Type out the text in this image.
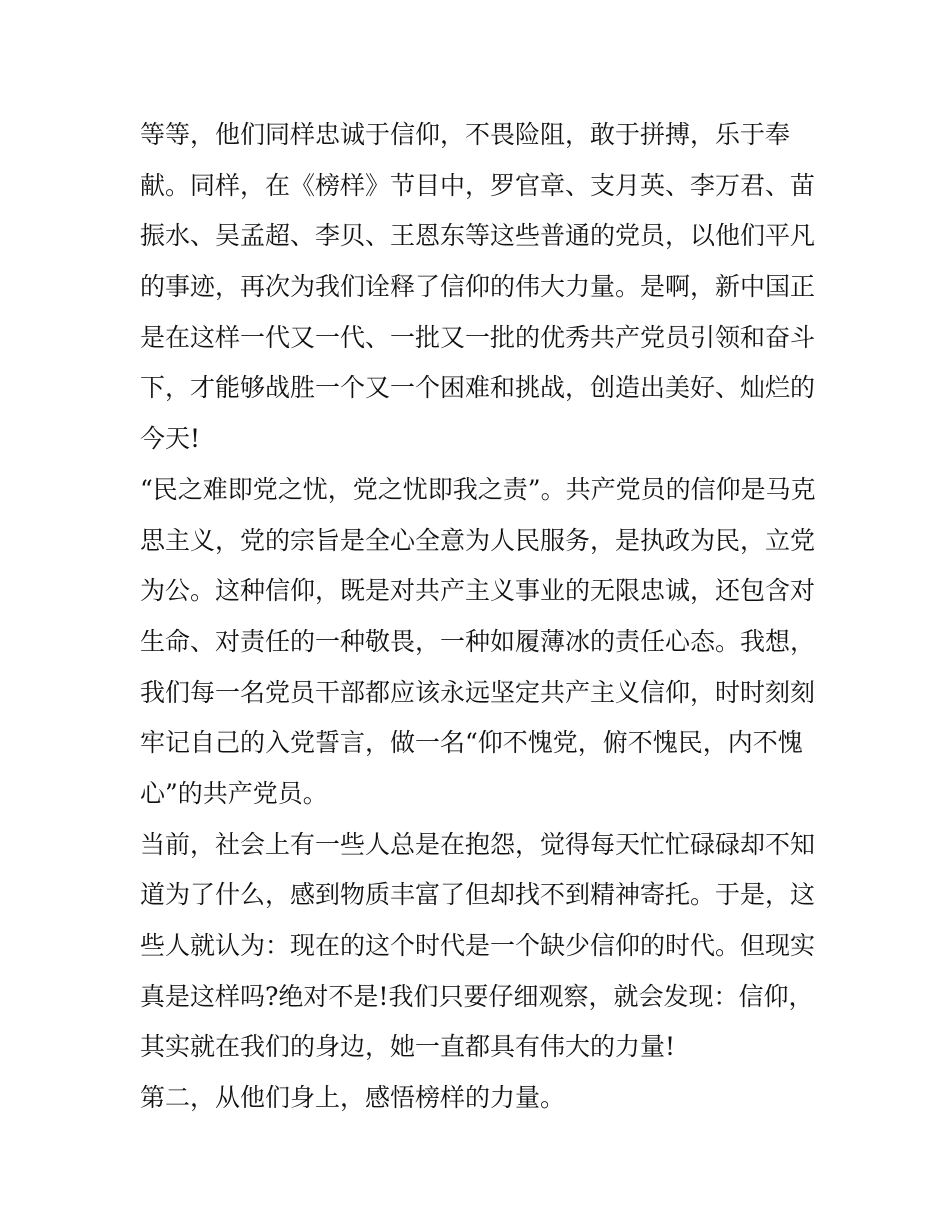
等等，他们同样忠诚于信仰，不畏险阻，敢于拼搏，乐于奉
献。同样，在《榜样》节目中，罗官章、支月英、李万君、苗
振水、吴孟超、李贝、王恩东等这些普通的党员，以他们平凡
的事迹，再次为我们诠释了信仰的伟大力量。是啊，新中国正
是在这样一代又一代、一批又一批的优秀共产党员引领和奋斗
下，才能够战胜一个又一个困难和挑战，创造出美好、灿烂的
今天!
“民之难即党之忧，党之忧即我之责”。共产党员的信仰是马克
思主义，党的宗旨是全心全意为人民服务，是执政为民，立党
为公。这种信仰，既是对共产主义事业的无限忠诚，还包含对
生命、对责任的一种敬畏，一种如履薄冰的责任心态。我想，
我们每一名党员干部都应该永远坚定共产主义信仰，时时刻刻
牢记自己的入党誓言，做一名“仰不愧党，俯不愧民，内不愧
心”的共产党员。
当前，社会上有一些人总是在抱怨，觉得每天忙忙碌碌却不知
道为了什么，感到物质丰富了但却找不到精神寄托。于是，这
些人就认为：现在的这个时代是一个缺少信仰的时代。但现实
真是这样吗?绝对不是!我们只要仔细观察，就会发现：信仰，
其实就在我们的身边，她一直都具有伟大的力量!
第二，从他们身上，感悟榜样的力量。
